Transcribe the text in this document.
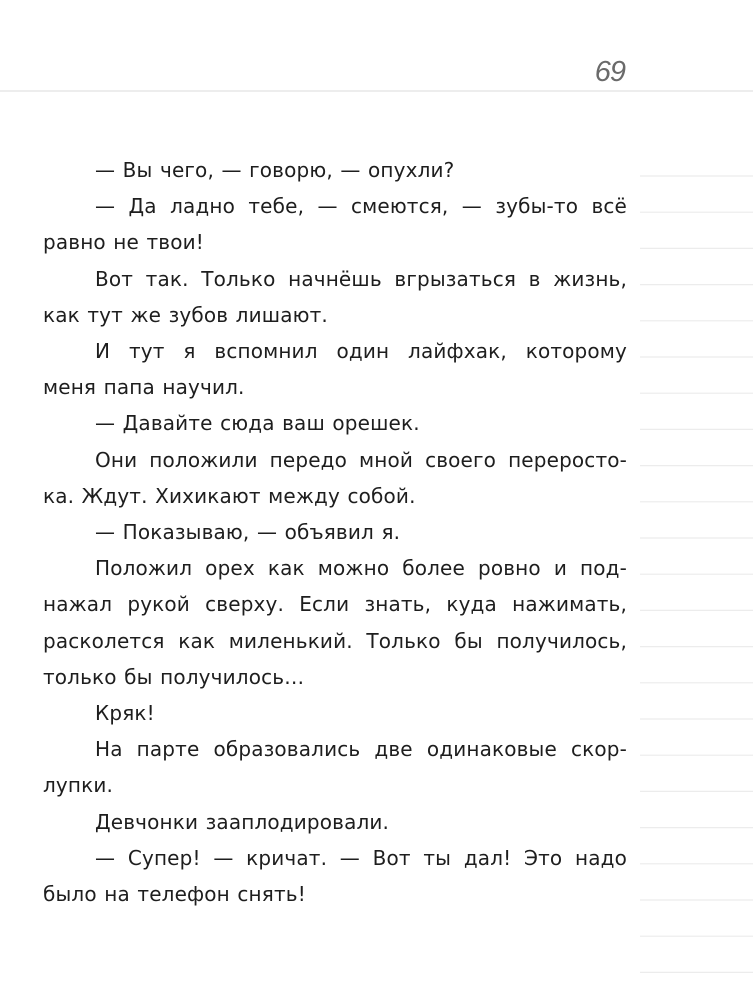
69
— Вы чего, — говорю, — опухли?
— Да ладно тебе, — смеются, — зубы-то всё
равно не твои!
Вот так. Только начнёшь вгрызаться в жизнь,
как тут же зубов лишают.
И тут я вспомнил один лайфхак, которому
меня папа научил.
— Давайте сюда ваш орешек.
Они положили передо мной своего переросто-
ка. Ждут. Хихикают между собой.
— Показываю, — объявил я.
Положил орех как можно более ровно и под-
нажал рукой сверху. Если знать, куда нажимать,
расколется как миленький. Только бы получилось,
только бы получилось…
Кряк!
На парте образовались две одинаковые скор-
лупки.
Девчонки зааплодировали.
— Супер! — кричат. — Вот ты дал! Это надо
было на телефон снять!
